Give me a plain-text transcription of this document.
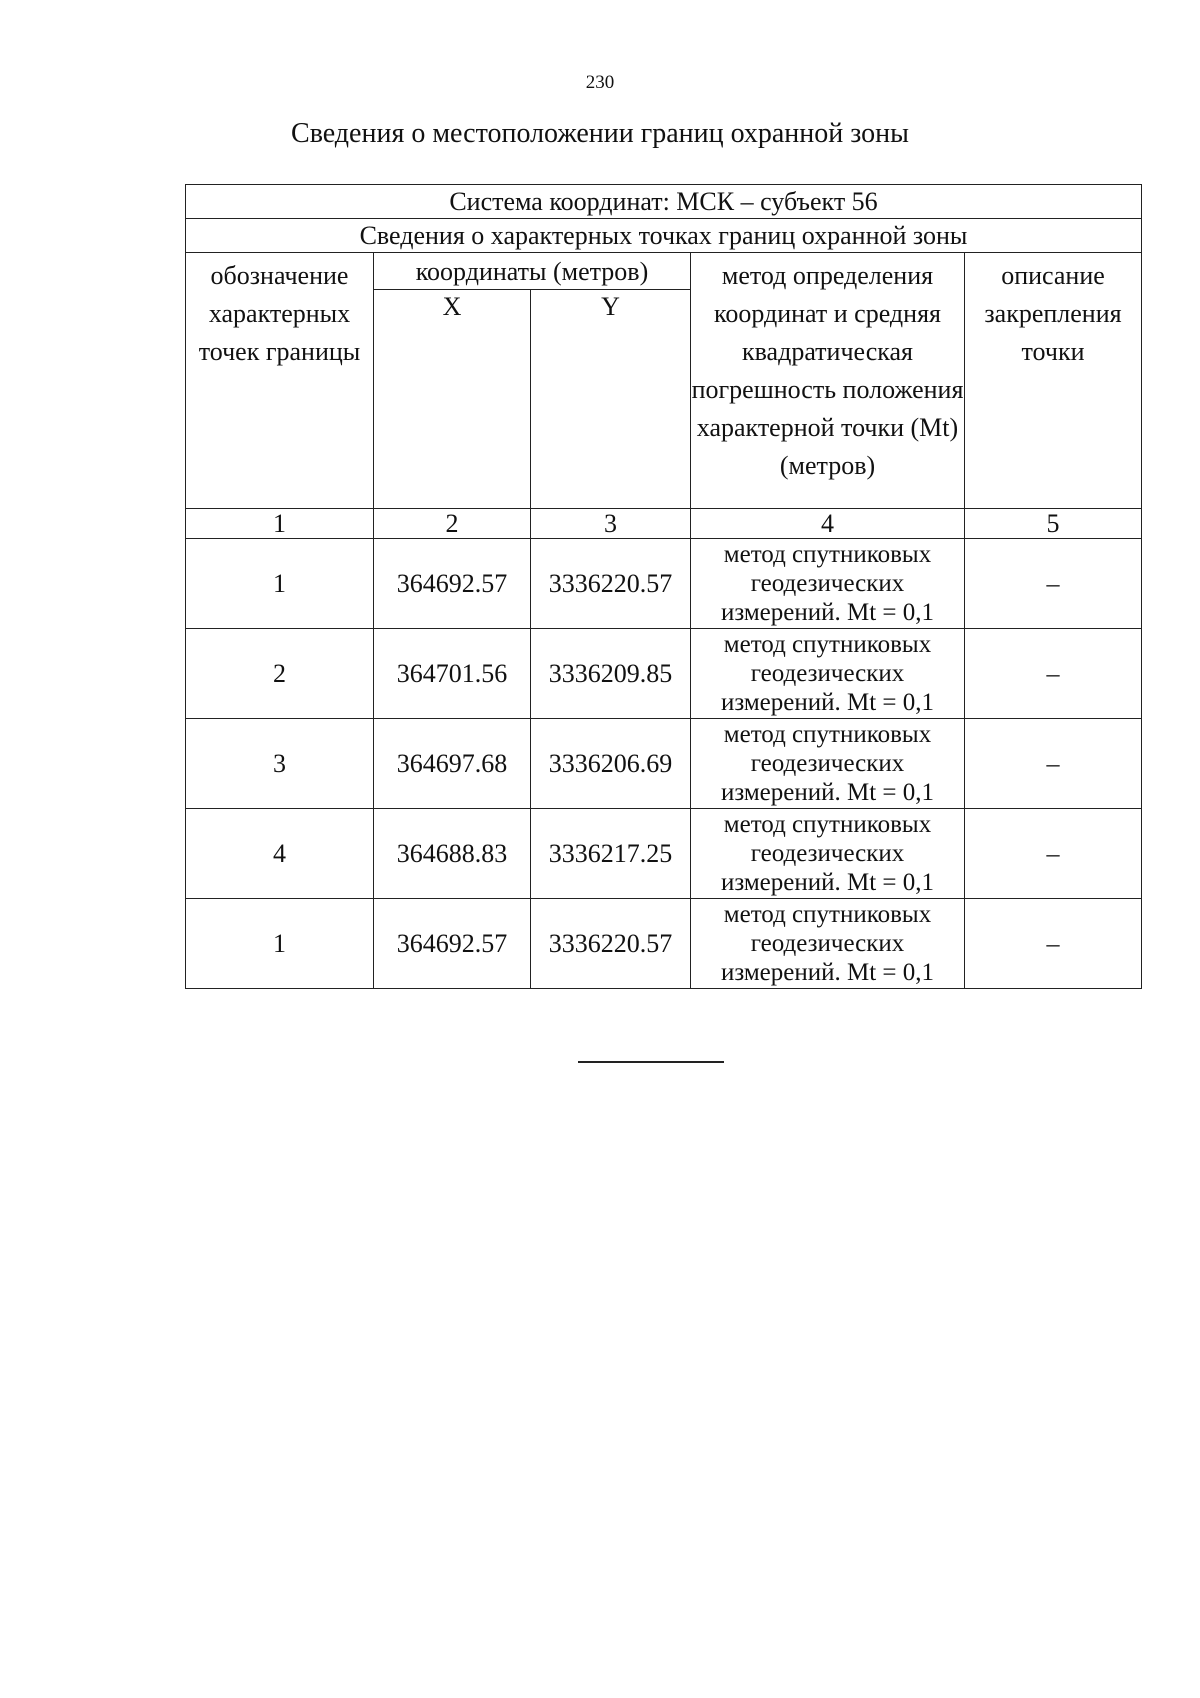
230
Сведения о местоположении границ охранной зоны
Система координат: МСК – субъект 56				
Сведения о характерных точках границ охранной зоны				

обозначение характерных точек границы	координаты (метров)		метод определения координат и средняя квадратическая погрешность положения характерной точки (Mt) (метров)	описание закрепления точки

	X	Y		
1	2	3	4	5
1	364692.57	3336220.57	метод спутниковых геодезических измерений. Mt = 0,1	–
2	364701.56	3336209.85	метод спутниковых геодезических измерений. Mt = 0,1	–
3	364697.68	3336206.69	метод спутниковых геодезических измерений. Mt = 0,1	–
4	364688.83	3336217.25	метод спутниковых геодезических измерений. Mt = 0,1	–
1	364692.57	3336220.57	метод спутниковых геодезических измерений. Mt = 0,1	–
